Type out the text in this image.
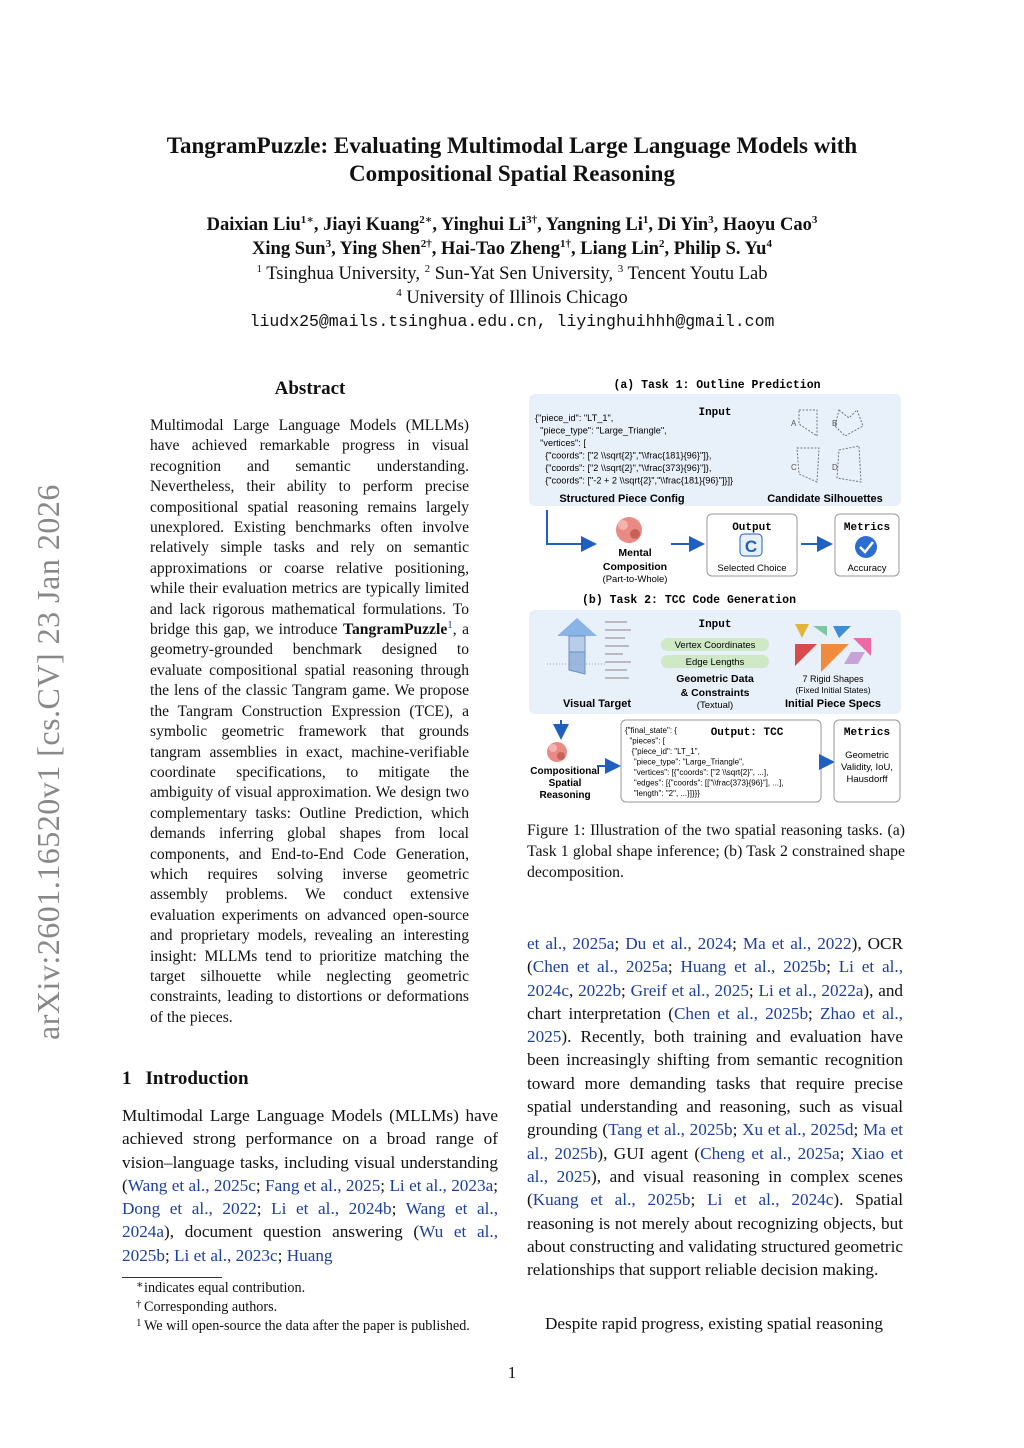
TangramPuzzle: Evaluating Multimodal Large Language Models with
Compositional Spatial Reasoning
Daixian Liu$^{1∗}$, Jiayi Kuang$^{2∗}$, Yinghui $Li^{3\dagger}$, Yangning Li$^1$, Di Yin$^3$, Haoyu Cao$^3$
Xing Sun$^3$, Ying Shen$^{2\dagger}$, Hai-Tao Zheng$^{1\dagger}$, Liang Lin$^2$, Philip S. Yu$^4$
$^1$ Tsinghua University, $^2$ Sun-Yat Sen University, $^3$ Tencent Youtu Lab
$^4$ University of Illinois Chicago
liudx25@mails.tsinghua.edu.cn, liyinghuihhh@gmail.com
arXiv:2601.16520v1 [cs.CV] 23 Jan 2026
Abstract
Multimodal Large Language Models (MLLMs) have achieved remarkable progress in visual recognition and semantic understanding. Nevertheless, their ability to perform precise compositional spatial reasoning remains largely unexplored. Existing benchmarks often involve relatively simple tasks and rely on semantic approximations or coarse relative positioning, while their evaluation metrics are typically limited and lack rigorous mathematical formulations. To bridge this gap, we introduce TangramPuzzle$^1$, a geometry-grounded benchmark designed to evaluate compositional spatial reasoning through the lens of the classic Tangram game. We propose the Tangram Construction Expression (TCE), a symbolic geometric framework that grounds tangram assemblies in exact, machine-verifiable coordinate specifications, to mitigate the ambiguity of visual approximation. We design two complementary tasks: Outline Prediction, which demands inferring global shapes from local components, and End-to-End Code Generation, which requires solving inverse geometric assembly problems. We conduct extensive evaluation experiments on advanced open-source and proprietary models, revealing an interesting insight: MLLMs tend to prioritize matching the target silhouette while neglecting geometric constraints, leading to distortions or deformations of the pieces.
1 Introduction
Multimodal Large Language Models (MLLMs) have achieved strong performance on a broad range of vision–language tasks, including visual understanding (Wang et al., 2025c; Fang et al., 2025; Li et al., 2023a; Dong et al., 2022; Li et al., 2024b; Wang et al., 2024a), document question answering (Wu et al., 2025b; Li et al., 2023c; Huang
et al., 2025a; Du et al., 2024; Ma et al., 2022), OCR (Chen et al., 2025a; Huang et al., 2025b; Li et al., 2024c, 2022b; Greif et al., 2025; Li et al., 2022a), and chart interpretation (Chen et al., 2025b; Zhao et al., 2025). Recently, both training and evaluation have been increasingly shifting from semantic recognition toward more demanding tasks that require precise spatial understanding and reasoning, such as visual grounding (Tang et al., 2025b; Xu et al., 2025d; Ma et al., 2025b), GUI agent (Cheng et al., 2025a; Xiao et al., 2025), and visual reasoning in complex scenes (Kuang et al., 2025b; Li et al., 2024c). Spatial reasoning is not merely about recognizing objects, but about constructing and validating structured geometric relationships that support reliable decision making.
Despite rapid progress, existing spatial reasoning
∗ indicates equal contribution.
† Corresponding authors.
1 We will open-source the data after the paper is published.
(a) Task 1: Outline Prediction
Input
{"piece_id": "LT_1",
"piece_type": "Large_Triangle",
"vertices": [
{"coords": ["2 \\sqrt{2}","\\frac{181}{96}"]},
{"coords": ["2 \\sqrt{2}","\\frac{373}{96}"]},
{"coords": ["-2 + 2 \\sqrt{2}","\\frac{181}{96}"]}]}
Structured Piece Config	Candidate Silhouettes
B
D
A
C
Mental
Composition
(Part-to-Whole)
Output
C
Selected Choice
Metrics
Accuracy
(b) Task 2: TCC Code Generation
Input
Visual Target
Vertex Coordinates
Edge Lengths
Geometric Data
& Constraints
(Textual)
7 Rigid Shapes
(Fixed Initial States)
Initial Piece Specs
Compositional
Spatial
Reasoning
Output: TCC
{"final_state": {
"pieces": [
{"piece_id": "LT_1",
"piece_type": "Large_Triangle",
"vertices": [{"coords": ["2 \\sqrt{2}", ...],
"edges": [{"coords": [["\\frac{373}{96}"], ...],
"length": "2", ...}]}}}
Metrics
Geometric
Validity, IoU,
Hausdorff
Figure 1: Illustration of the two spatial reasoning tasks. (a) Task 1 global shape inference; (b) Task 2 constrained shape decomposition.
1
